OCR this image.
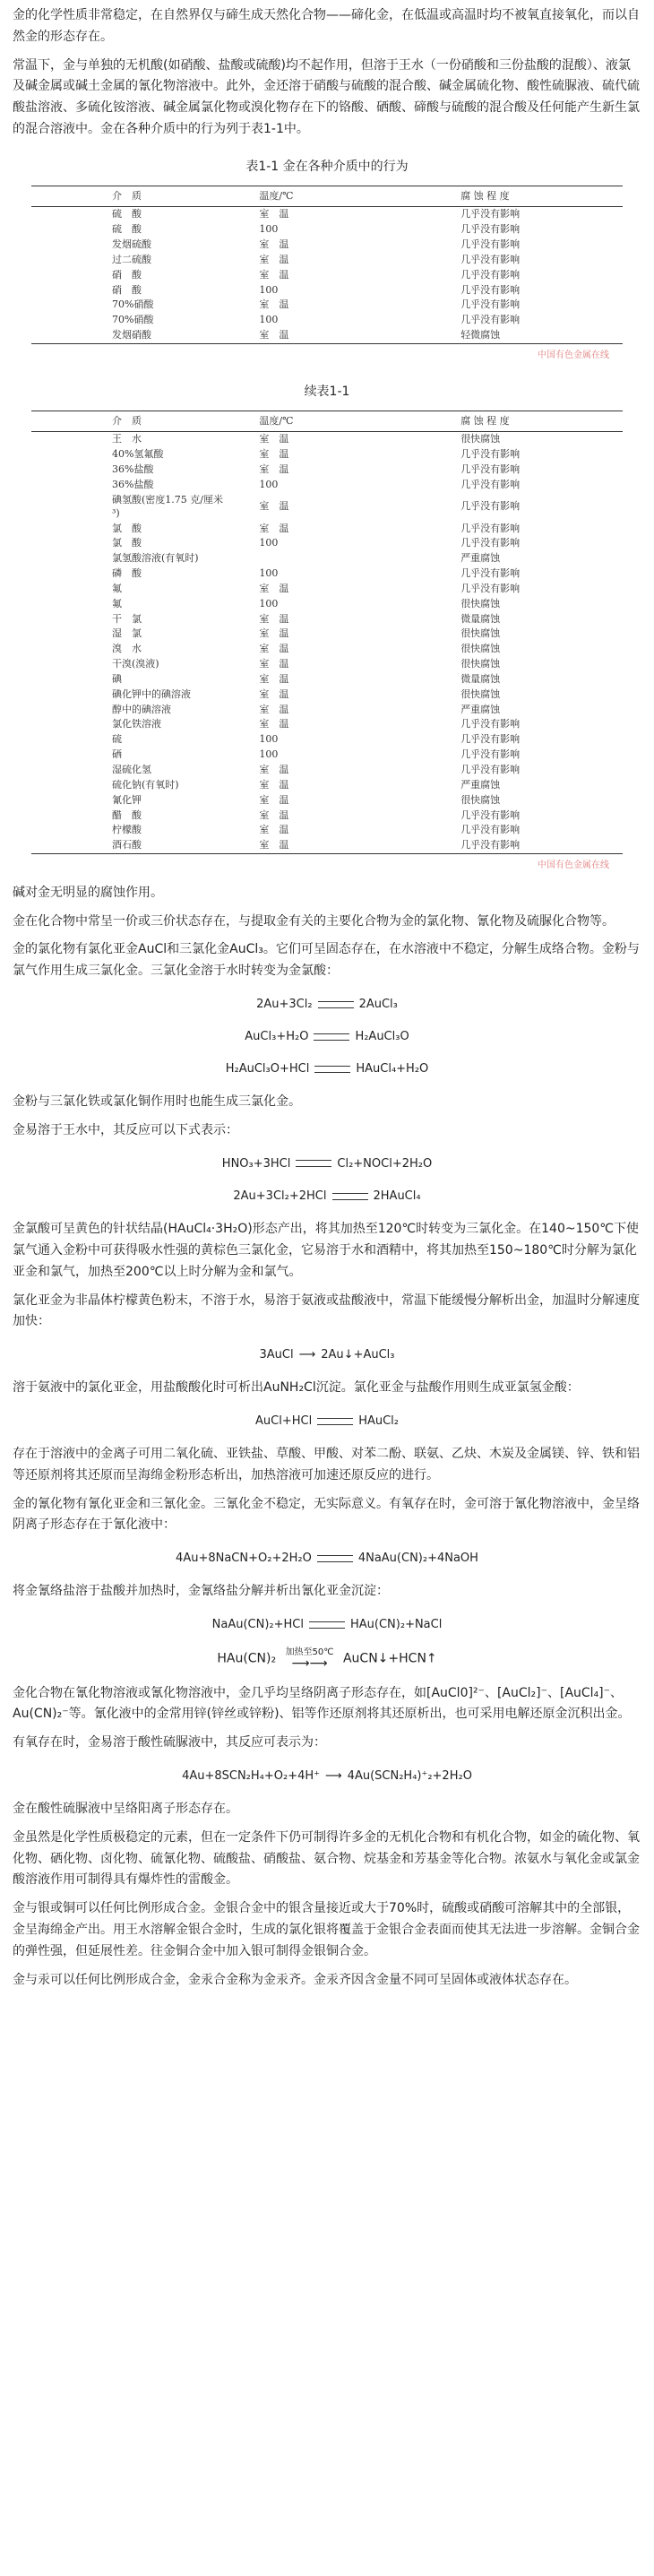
金的化学性质非常稳定，在自然界仅与碲生成天然化合物——碲化金，在低温或高温时均不被氧直接氧化，而以自然金的形态存在。

常温下，金与单独的无机酸(如硝酸、盐酸或硫酸)均不起作用，但溶于王水（一份硝酸和三份盐酸的混酸）、液氯及碱金属或碱土金属的氰化物溶液中。此外，金还溶于硝酸与硫酸的混合酸、碱金属硫化物、酸性硫脲液、硫代硫酸盐溶液、多硫化铵溶液、碱金属氯化物或溴化物存在下的铬酸、硒酸、碲酸与硫酸的混合酸及任何能产生新生氯的混合溶液中。金在各种介质中的行为列于表1-1中。

表1-1 金在各种介质中的行为
介　质	温度/℃	腐 蚀 程 度
硫　酸	室　温	几乎没有影响
硫　酸	100	几乎没有影响
发烟硫酸	室　温	几乎没有影响
过二硫酸	室　温	几乎没有影响
硝　酸	室　温	几乎没有影响
硝　酸	100	几乎没有影响
70%硝酸	室　温	几乎没有影响
70%硝酸	100	几乎没有影响
发烟硝酸	室　温	轻微腐蚀
中国有色金属在线
续表1-1
介　质	温度/℃	腐 蚀 程 度
王　水	室　温	很快腐蚀
40%氢氟酸	室　温	几乎没有影响
36%盐酸	室　温	几乎没有影响
36%盐酸	100	几乎没有影响
碘氢酸(密度1.75 克/厘米³)	室　温	几乎没有影响
氯　酸	室　温	几乎没有影响
氯　酸	100	几乎没有影响
氯氢酸溶液(有氧时)		严重腐蚀
磷　酸	100	几乎没有影响
氟	室　温	几乎没有影响
氟	100	很快腐蚀
干　氯	室　温	微量腐蚀
湿　氯	室　温	很快腐蚀
溴　水	室　温	很快腐蚀
干溴(溴液)	室　温	很快腐蚀
碘	室　温	微量腐蚀
碘化钾中的碘溶液	室　温	很快腐蚀
醇中的碘溶液	室　温	严重腐蚀
氯化铁溶液	室　温	几乎没有影响
硫	100	几乎没有影响
硒	100	几乎没有影响
湿硫化氢	室　温	几乎没有影响
硫化钠(有氧时)	室　温	严重腐蚀
氰化钾	室　温	很快腐蚀
醋　酸	室　温	几乎没有影响
柠檬酸	室　温	几乎没有影响
酒石酸	室　温	几乎没有影响
中国有色金属在线

碱对金无明显的腐蚀作用。

金在化合物中常呈一价或三价状态存在，与提取金有关的主要化合物为金的氯化物、氰化物及硫脲化合物等。

金的氯化物有氯化亚金AuCl和三氯化金AuCl₃。它们可呈固态存在，在水溶液中不稳定，分解生成络合物。金粉与氯气作用生成三氯化金。三氯化金溶于水时转变为金氯酸：

2Au+3Cl₂	2AuCl₃
AuCl₃+H₂O	H₂AuCl₃O
H₂AuCl₃O+HCl	HAuCl₄+H₂O

金粉与三氯化铁或氯化铜作用时也能生成三氯化金。

金易溶于王水中，其反应可以下式表示：

HNO₃+3HCl	Cl₂+NOCl+2H₂O
2Au+3Cl₂+2HCl	2HAuCl₄

金氯酸可呈黄色的针状结晶(HAuCl₄·3H₂O)形态产出，将其加热至120℃时转变为三氯化金。在140~150℃下使氯气通入金粉中可获得吸水性强的黄棕色三氯化金，它易溶于水和酒精中，将其加热至150~180℃时分解为氯化亚金和氯气，加热至200℃以上时分解为金和氯气。

氯化亚金为非晶体柠檬黄色粉末，不溶于水，易溶于氨液或盐酸液中，常温下能缓慢分解析出金，加温时分解速度加快：

3AuCl ⟶ 2Au↓+AuCl₃

溶于氨液中的氯化亚金，用盐酸酸化时可析出AuNH₂Cl沉淀。氯化亚金与盐酸作用则生成亚氯氢金酸：

AuCl+HCl	HAuCl₂

存在于溶液中的金离子可用二氧化硫、亚铁盐、草酸、甲酸、对苯二酚、联氨、乙炔、木炭及金属镁、锌、铁和铝等还原剂将其还原而呈海绵金粉形态析出，加热溶液可加速还原反应的进行。

金的氰化物有氰化亚金和三氰化金。三氰化金不稳定，无实际意义。有氧存在时，金可溶于氰化物溶液中，金呈络阴离子形态存在于氰化液中：

4Au+8NaCN+O₂+2H₂O	4NaAu(CN)₂+4NaOH

将金氰络盐溶于盐酸并加热时，金氰络盐分解并析出氰化亚金沉淀：

NaAu(CN)₂+HCl	HAu(CN)₂+NaCl
HAu(CN)₂ 加热至50℃
⟶⟶	AuCN↓+HCN↑

金化合物在氰化物溶液或氰化物溶液中，金几乎均呈络阴离子形态存在，如[AuCl0]²⁻、[AuCl₂]⁻、[AuCl₄]⁻、Au(CN)₂⁻等。氰化液中的金常用锌(锌丝或锌粉)、铝等作还原剂将其还原析出，也可采用电解还原金沉积出金。

有氧存在时，金易溶于酸性硫脲液中，其反应可表示为：

4Au+8SCN₂H₄+O₂+4H⁺ ⟶ 4Au(SCN₂H₄)⁺₂+2H₂O

金在酸性硫脲液中呈络阳离子形态存在。

金虽然是化学性质极稳定的元素，但在一定条件下仍可制得许多金的无机化合物和有机化合物，如金的硫化物、氧化物、硒化物、卤化物、硫氰化物、硫酸盐、硝酸盐、氨合物、烷基金和芳基金等化合物。浓氨水与氧化金或氯金酸溶液作用可制得具有爆炸性的雷酸金。

金与银或铜可以任何比例形成合金。金银合金中的银含量接近或大于70%时，硫酸或硝酸可溶解其中的全部银，金呈海绵金产出。用王水溶解金银合金时，生成的氯化银将覆盖于金银合金表面而使其无法进一步溶解。金铜合金的弹性强，但延展性差。往金铜合金中加入银可制得金银铜合金。

金与汞可以任何比例形成合金，金汞合金称为金汞齐。金汞齐因含金量不同可呈固体或液体状态存在。
